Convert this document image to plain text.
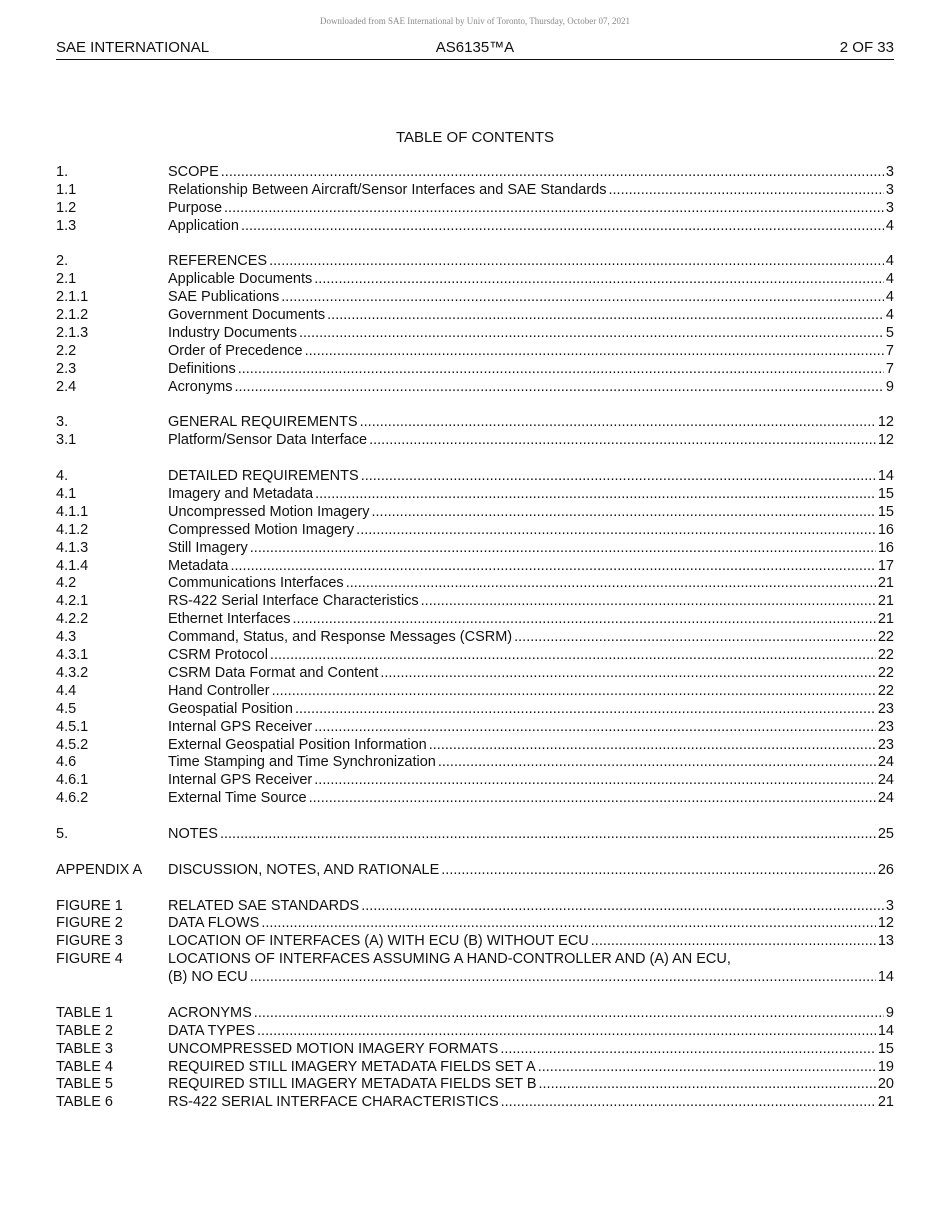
Downloaded from SAE International by Univ of Toronto, Thursday, October 07, 2021
SAE INTERNATIONAL	AS6135™A	2 OF 33
TABLE OF CONTENTS
1.	SCOPE .....	3
1.1	Relationship Between Aircraft/Sensor Interfaces and SAE Standards .....	3
1.2	Purpose .....	3
1.3	Application .....	4
2.	REFERENCES .....	4
2.1	Applicable Documents .....	4
2.1.1	SAE Publications .....	4
2.1.2	Government Documents .....	4
2.1.3	Industry Documents .....	5
2.2	Order of Precedence .....	7
2.3	Definitions .....	7
2.4	Acronyms .....	9
3.	GENERAL REQUIREMENTS .....	12
3.1	Platform/Sensor Data Interface .....	12
4.	DETAILED REQUIREMENTS .....	14
4.1	Imagery and Metadata .....	15
4.1.1	Uncompressed Motion Imagery .....	15
4.1.2	Compressed Motion Imagery .....	16
4.1.3	Still Imagery .....	16
4.1.4	Metadata .....	17
4.2	Communications Interfaces .....	21
4.2.1	RS-422 Serial Interface Characteristics .....	21
4.2.2	Ethernet Interfaces .....	21
4.3	Command, Status, and Response Messages (CSRM) .....	22
4.3.1	CSRM Protocol .....	22
4.3.2	CSRM Data Format and Content .....	22
4.4	Hand Controller .....	22
4.5	Geospatial Position .....	23
4.5.1	Internal GPS Receiver .....	23
4.5.2	External Geospatial Position Information .....	23
4.6	Time Stamping and Time Synchronization .....	24
4.6.1	Internal GPS Receiver .....	24
4.6.2	External Time Source .....	24
5.	NOTES .....	25
APPENDIX A DISCUSSION, NOTES, AND RATIONALE .....	26
FIGURE 1	RELATED SAE STANDARDS .....	3
FIGURE 2	DATA FLOWS .....	12
FIGURE 3	LOCATION OF INTERFACES (A) WITH ECU (B) WITHOUT ECU .....	13
FIGURE 4	LOCATIONS OF INTERFACES ASSUMING A HAND-CONTROLLER AND (A) AN ECU,
(B) NO ECU .....	14
TABLE 1	ACRONYMS .....	9
TABLE 2	DATA TYPES .....	14
TABLE 3	UNCOMPRESSED MOTION IMAGERY FORMATS .....	15
TABLE 4	REQUIRED STILL IMAGERY METADATA FIELDS SET A .....	19
TABLE 5	REQUIRED STILL IMAGERY METADATA FIELDS SET B .....	20
TABLE 6	RS-422 SERIAL INTERFACE CHARACTERISTICS .....	21
